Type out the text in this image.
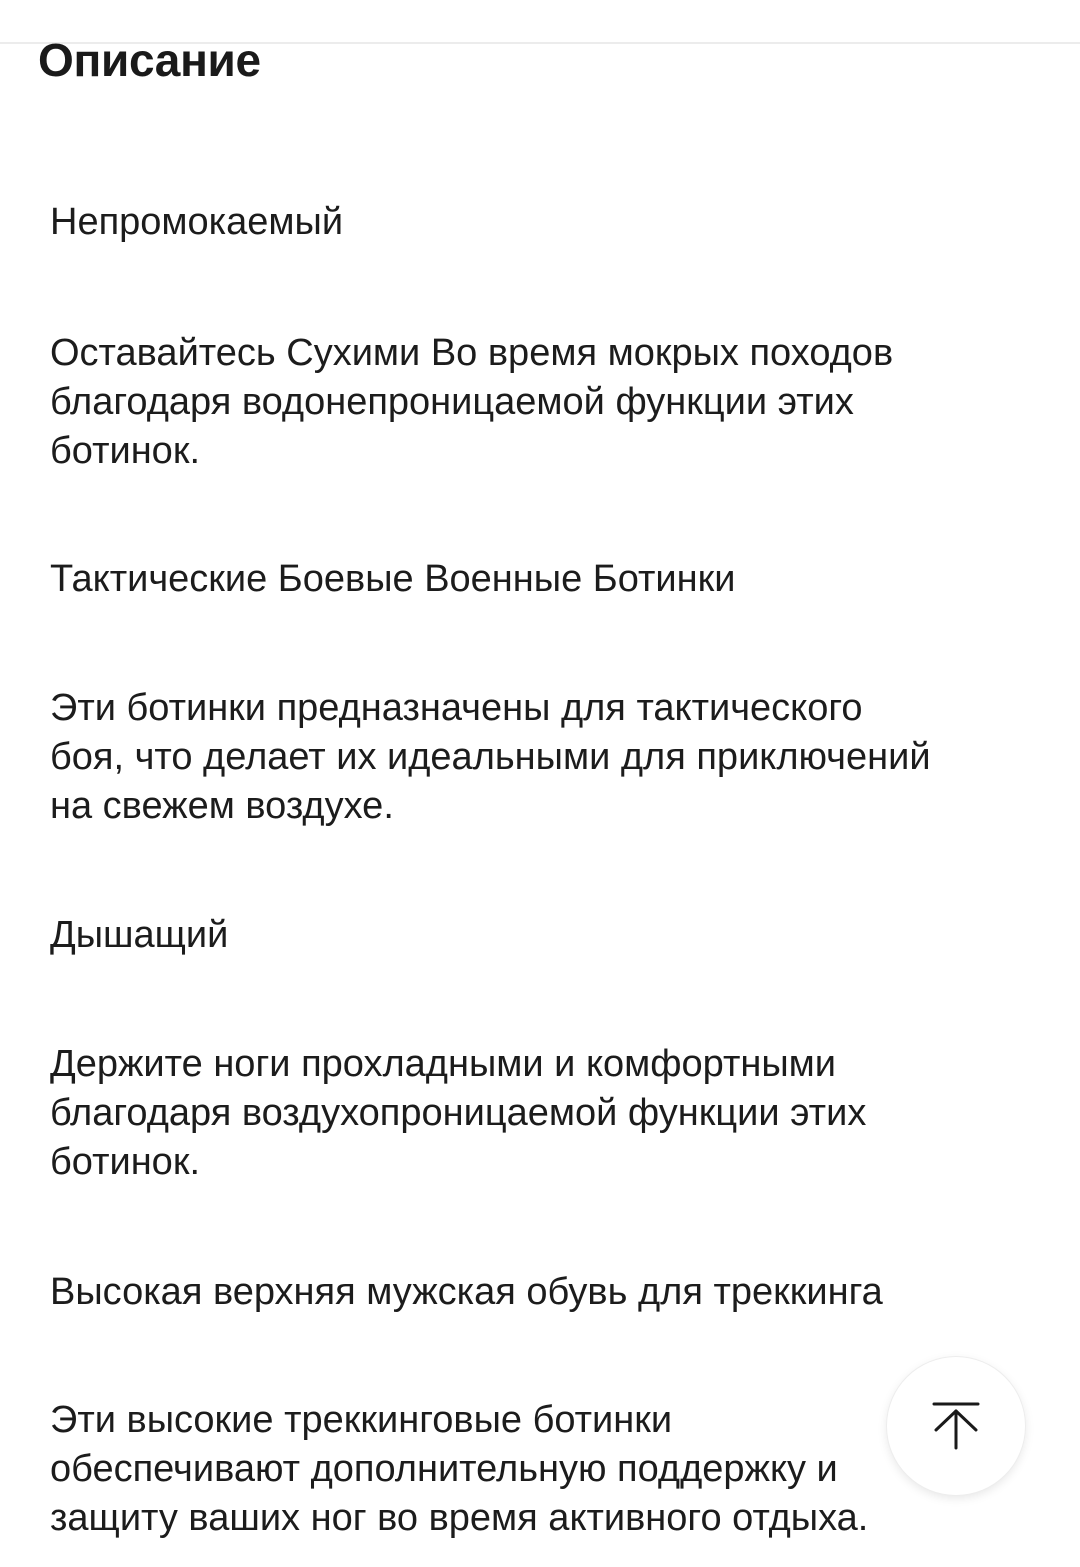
Описание
Непромокаемый
Оставайтесь Сухими Во время мокрых походов
благодаря водонепроницаемой функции этих
ботинок.
Тактические Боевые Военные Ботинки
Эти ботинки предназначены для тактического
боя, что делает их идеальными для приключений
на свежем воздухе.
Дышащий
Держите ноги прохладными и комфортными
благодаря воздухопроницаемой функции этих
ботинок.
Высокая верхняя мужская обувь для треккинга
Эти высокие треккинговые ботинки
обеспечивают дополнительную поддержку и
защиту ваших ног во время активного отдыха.
